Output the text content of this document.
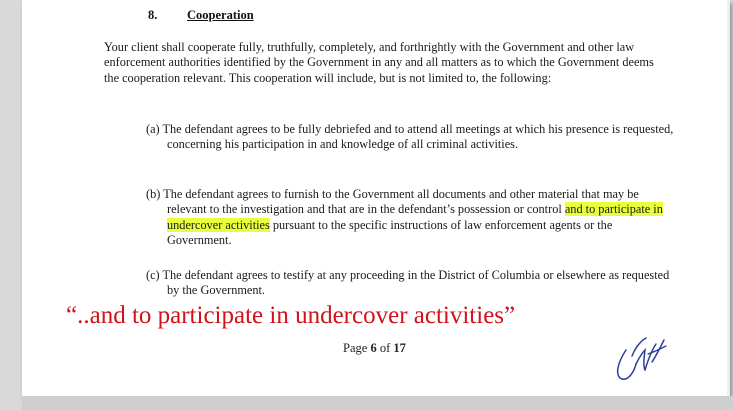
8. Cooperation
Your client shall cooperate fully, truthfully, completely, and forthrightly with the Government and other law enforcement authorities identified by the Government in any and all matters as to which the Government deems the cooperation relevant. This cooperation will include, but is not limited to, the following:
(a) The defendant agrees to be fully debriefed and to attend all meetings at which his presence is requested, concerning his participation in and knowledge of all criminal activities.
(b) The defendant agrees to furnish to the Government all documents and other material that may be relevant to the investigation and that are in the defendant’s possession or control and to participate in undercover activities pursuant to the specific instructions of law enforcement agents or the Government.
(c) The defendant agrees to testify at any proceeding in the District of Columbia or elsewhere as requested by the Government.
“..and to participate in undercover activities”
Page 6 of 17
